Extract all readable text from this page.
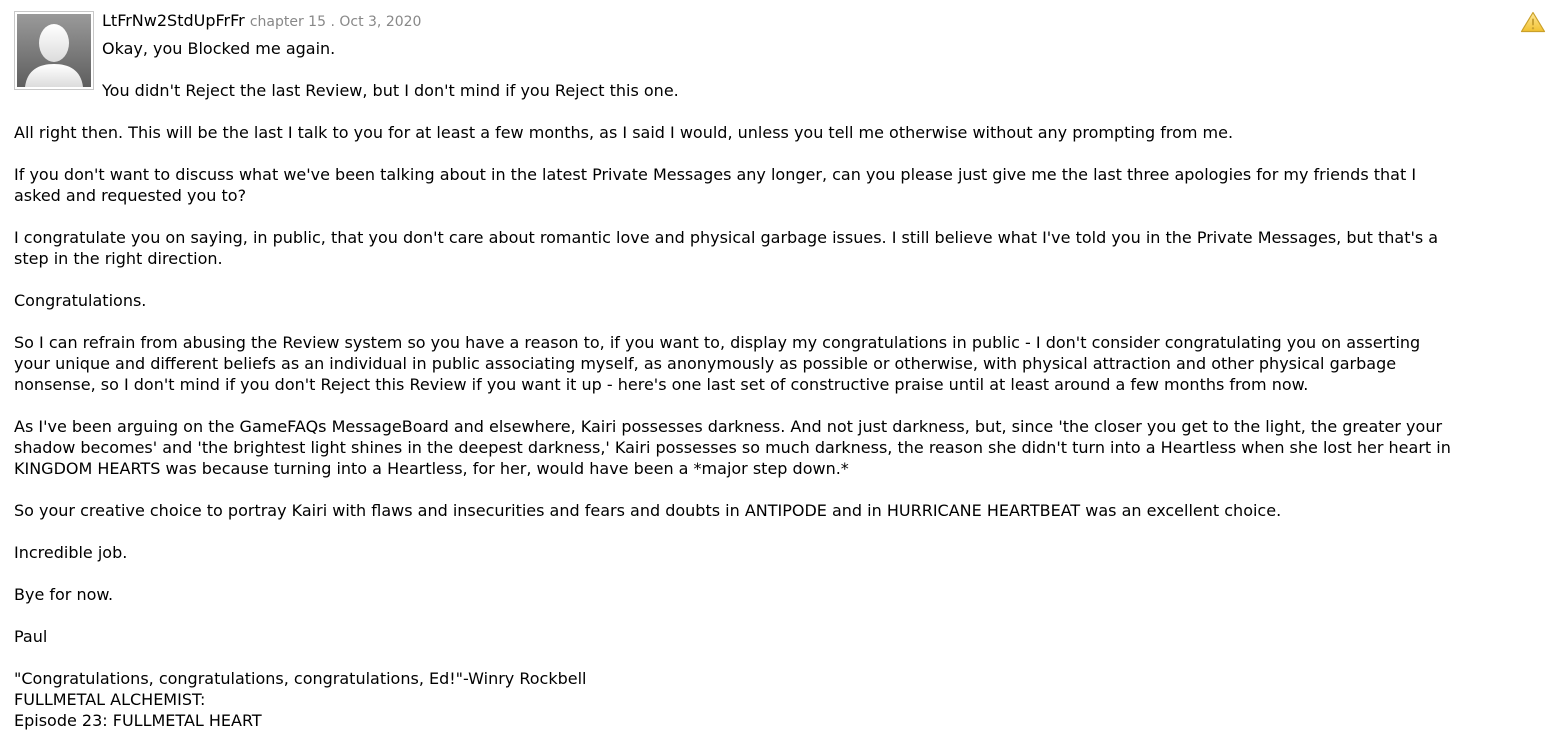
LtFrNw2StdUpFrFr chapter 15 . Oct 3, 2020
Okay, you Blocked me again.
You didn't Reject the last Review, but I don't mind if you Reject this one.
All right then. This will be the last I talk to you for at least a few months, as I said I would, unless you tell me otherwise without any prompting from me.
If you don't want to discuss what we've been talking about in the latest Private Messages any longer, can you please just give me the last three apologies for my friends that I
asked and requested you to?
I congratulate you on saying, in public, that you don't care about romantic love and physical garbage issues. I still believe what I've told you in the Private Messages, but that's a
step in the right direction.
Congratulations.
So I can refrain from abusing the Review system so you have a reason to, if you want to, display my congratulations in public - I don't consider congratulating you on asserting
your unique and different beliefs as an individual in public associating myself, as anonymously as possible or otherwise, with physical attraction and other physical garbage
nonsense, so I don't mind if you don't Reject this Review if you want it up - here's one last set of constructive praise until at least around a few months from now.
As I've been arguing on the GameFAQs MessageBoard and elsewhere, Kairi possesses darkness. And not just darkness, but, since 'the closer you get to the light, the greater your
shadow becomes' and 'the brightest light shines in the deepest darkness,' Kairi possesses so much darkness, the reason she didn't turn into a Heartless when she lost her heart in
KINGDOM HEARTS was because turning into a Heartless, for her, would have been a *major step down.*
So your creative choice to portray Kairi with flaws and insecurities and fears and doubts in ANTIPODE and in HURRICANE HEARTBEAT was an excellent choice.
Incredible job.
Bye for now.
Paul
"Congratulations, congratulations, congratulations, Ed!"-Winry Rockbell
FULLMETAL ALCHEMIST:
Episode 23: FULLMETAL HEART
